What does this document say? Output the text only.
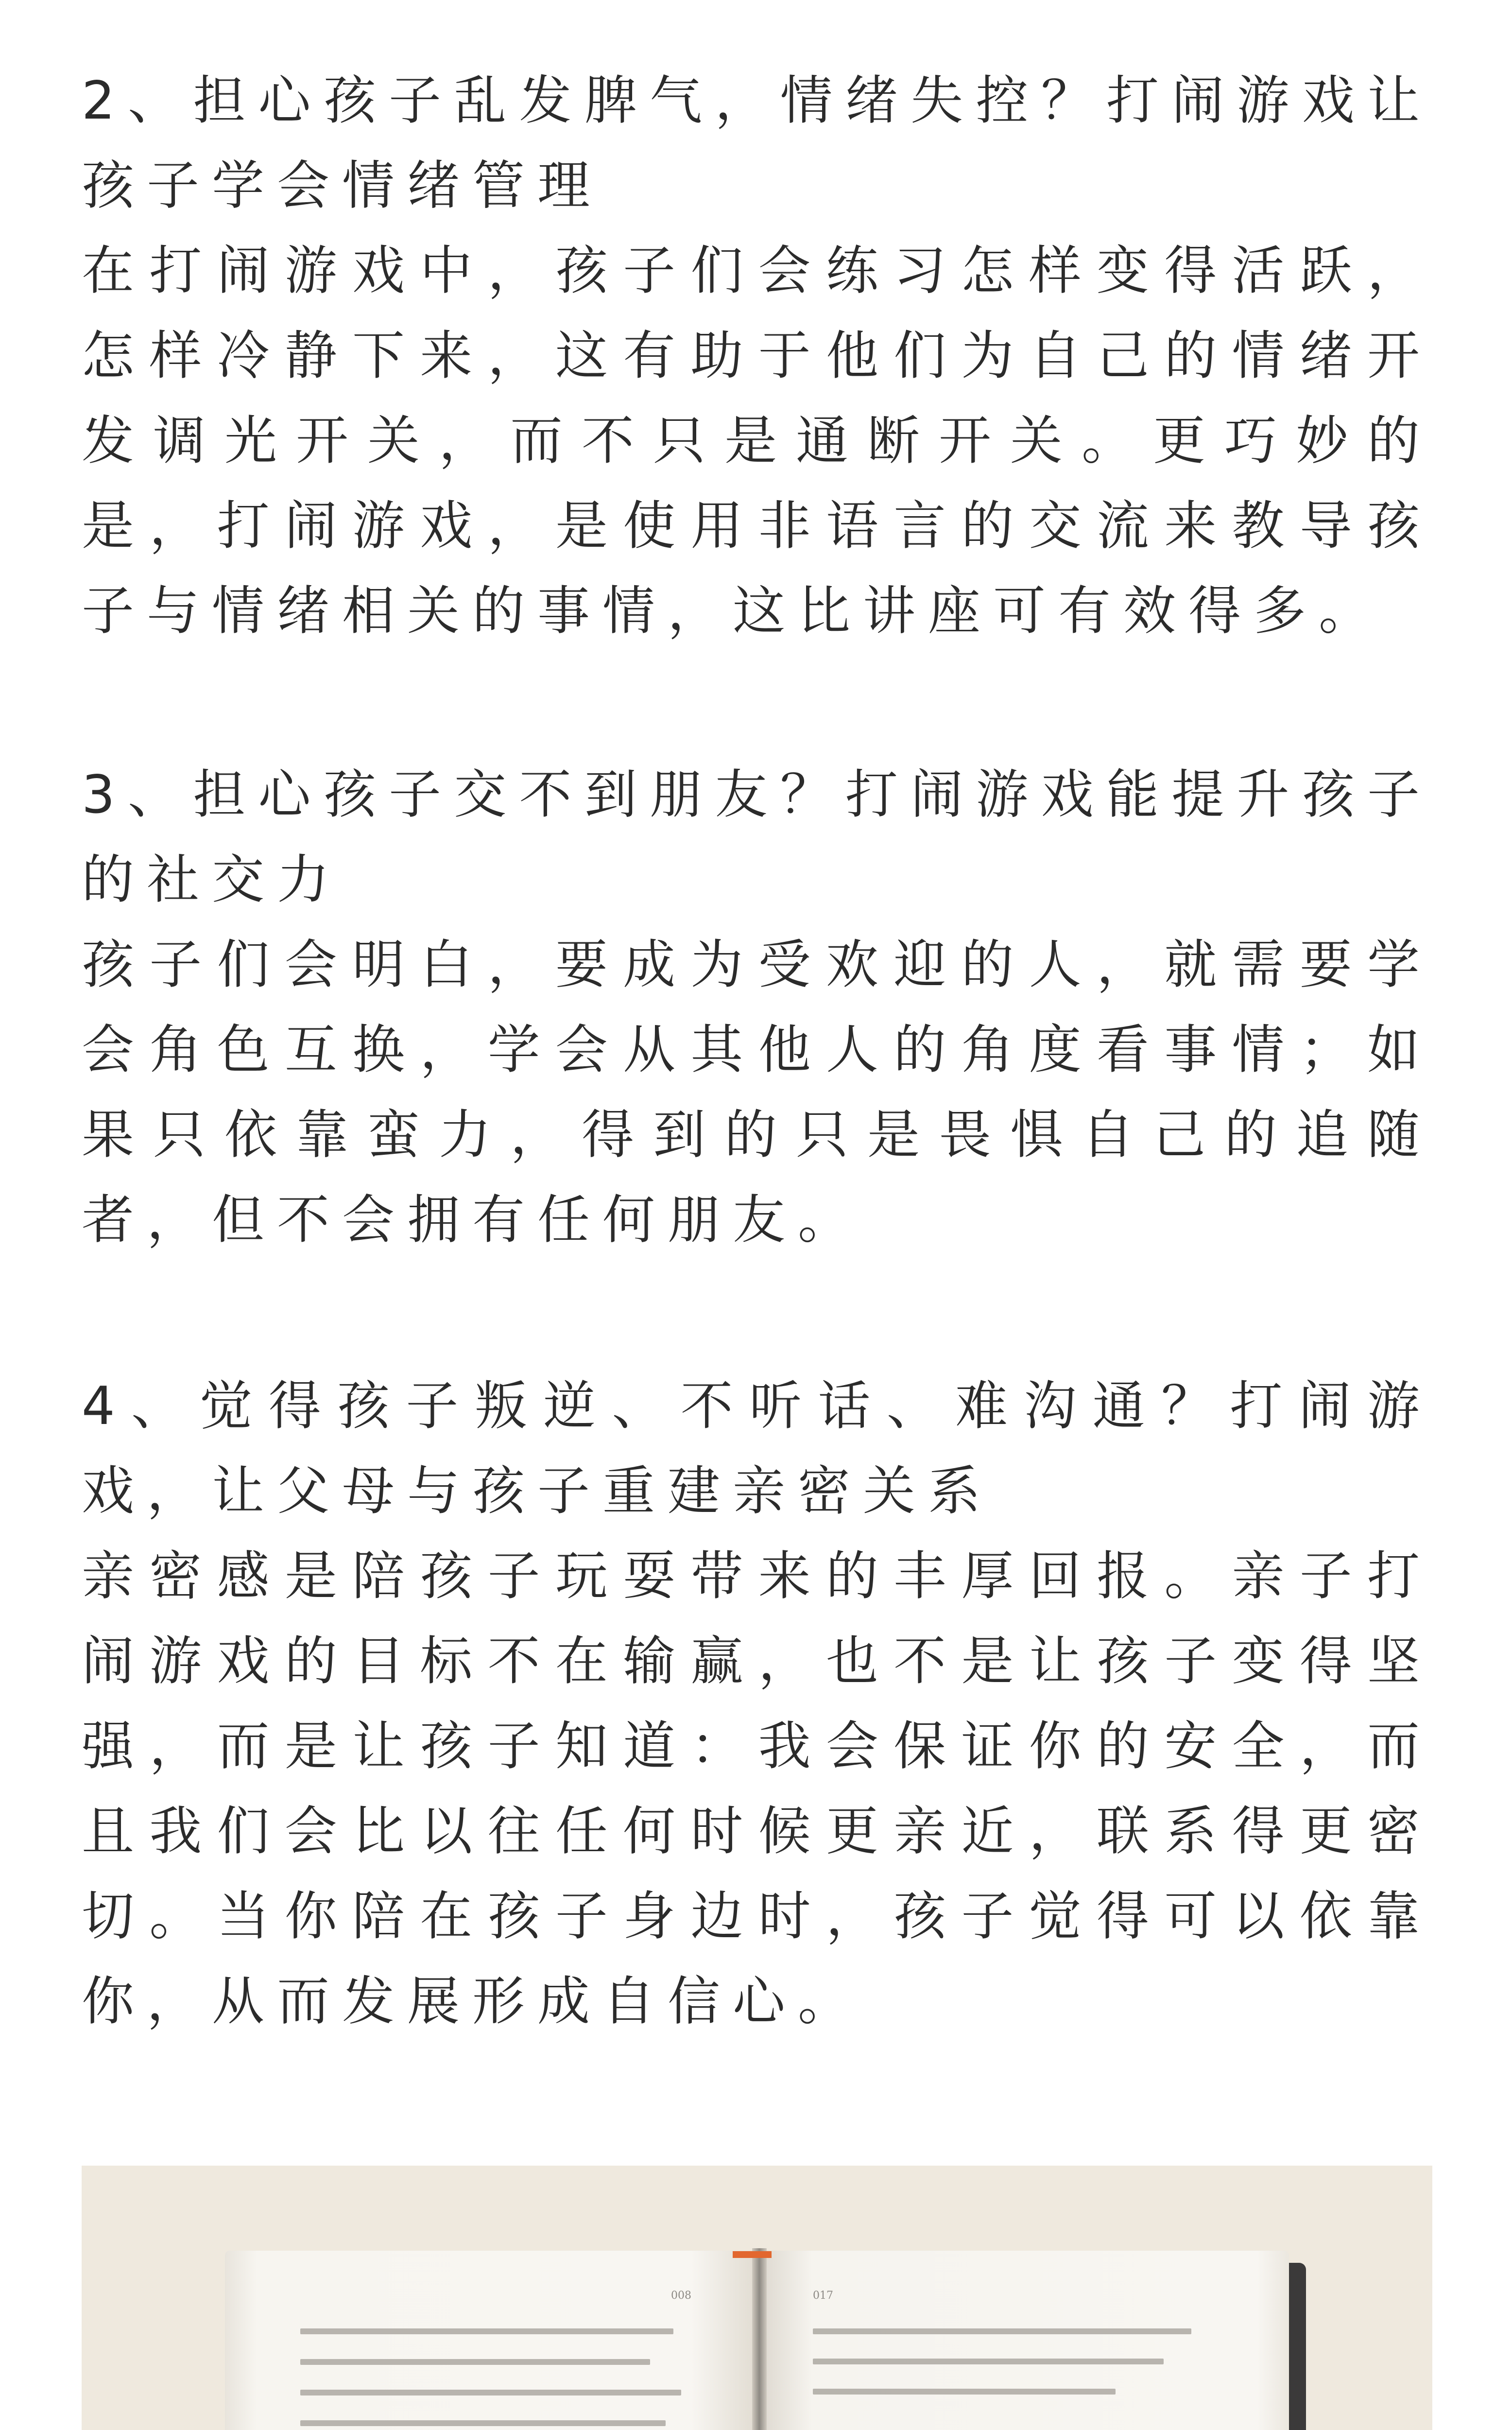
2、担心孩子乱发脾气，情绪失控？打闹游戏让孩子学会情绪管理
在打闹游戏中，孩子们会练习怎样变得活跃，怎样冷静下来，这有助于他们为自己的情绪开发调光开关，而不只是通断开关。更巧妙的是，打闹游戏，是使用非语言的交流来教导孩子与情绪相关的事情，这比讲座可有效得多。

3、担心孩子交不到朋友？打闹游戏能提升孩子的社交力
孩子们会明白，要成为受欢迎的人，就需要学会角色互换，学会从其他人的角度看事情；如果只依靠蛮力，得到的只是畏惧自己的追随者，但不会拥有任何朋友。

4、觉得孩子叛逆、不听话、难沟通？打闹游戏，让父母与孩子重建亲密关系
亲密感是陪孩子玩耍带来的丰厚回报。亲子打闹游戏的目标不在输赢，也不是让孩子变得坚强，而是让孩子知道：我会保证你的安全，而且我们会比以往任何时候更亲近，联系得更密切。当你陪在孩子身边时，孩子觉得可以依靠你，从而发展形成自信心。

008	017
